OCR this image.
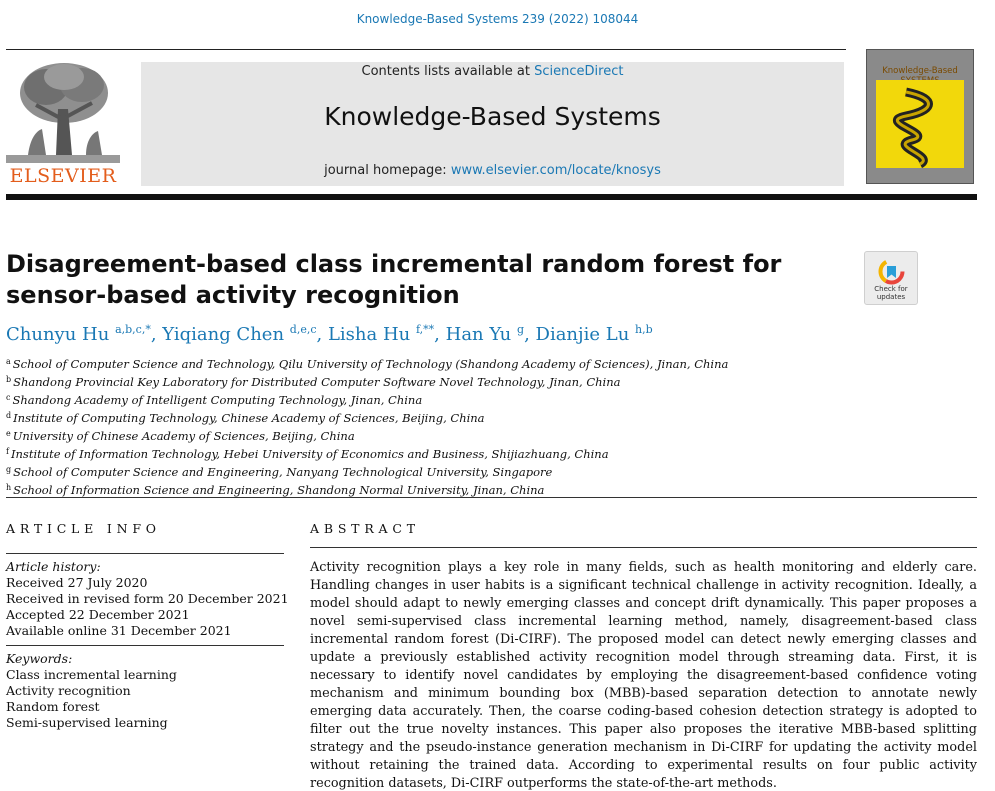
Knowledge-Based Systems 239 (2022) 108044
ELSEVIER
Contents lists available at ScienceDirect
Knowledge-Based Systems
journal homepage: www.elsevier.com/locate/knosys
Knowledge-Based
Disagreement-based class incremental random forest for sensor-based activity recognition	Check for
updates
Chunyu Hu $^{a,b,c,*}$, Yiqiang Chen $^{d,e,c}$, Lisha Hu $^{f,**}$, Han Yu $^g$, Dianjie Lu $^{h,b}$
$^a$ School of Computer Science and Technology, Qilu University of Technology (Shandong Academy of Sciences), Jinan, China
$^b$ Shandong Provincial Key Laboratory for Distributed Computer Software Novel Technology, Jinan, China
$^c$ Shandong Academy of Intelligent Computing Technology, Jinan, China
$^d$ Institute of Computing Technology, Chinese Academy of Sciences, Beijing, China
$^e$ University of Chinese Academy of Sciences, Beijing, China
$^f$ Institute of Information Technology, Hebei University of Economics and Business, Shijiazhuang, China
$^g$ School of Computer Science and Engineering, Nanyang Technological University, Singapore
$^h$ School of Information Science and Engineering, Shandong Normal University, Jinan, China
ARTICLE INFO	ABSTRACT
Article history:
Received 27 July 2020
Received in revised form 20 December 2021
Accepted 22 December 2021
Available online 31 December 2021
Keywords:
Class incremental learning
Activity recognition
Random forest
Semi-supervised learning

Activity recognition plays a key role in many fields, such as health monitoring and elderly care. Handling changes in user habits is a significant technical challenge in activity recognition. Ideally, a model should adapt to newly emerging classes and concept drift dynamically. This paper proposes a novel semi-supervised class incremental learning method, namely, disagreement-based class incremental random forest (Di-CIRF). The proposed model can detect newly emerging classes and update a previously established activity recognition model through streaming data. First, it is necessary to identify novel candidates by employing the disagreement-based confidence voting mechanism and minimum bounding box (MBB)-based separation detection to annotate newly emerging data accurately. Then, the coarse coding-based cohesion detection strategy is adopted to filter out the true novelty instances. This paper also proposes the iterative MBB-based splitting strategy and the pseudo-instance generation mechanism in Di-CIRF for updating the activity model without retaining the trained data. According to experimental results on four public activity recognition datasets, Di-CIRF outperforms the state-of-the-art methods.
